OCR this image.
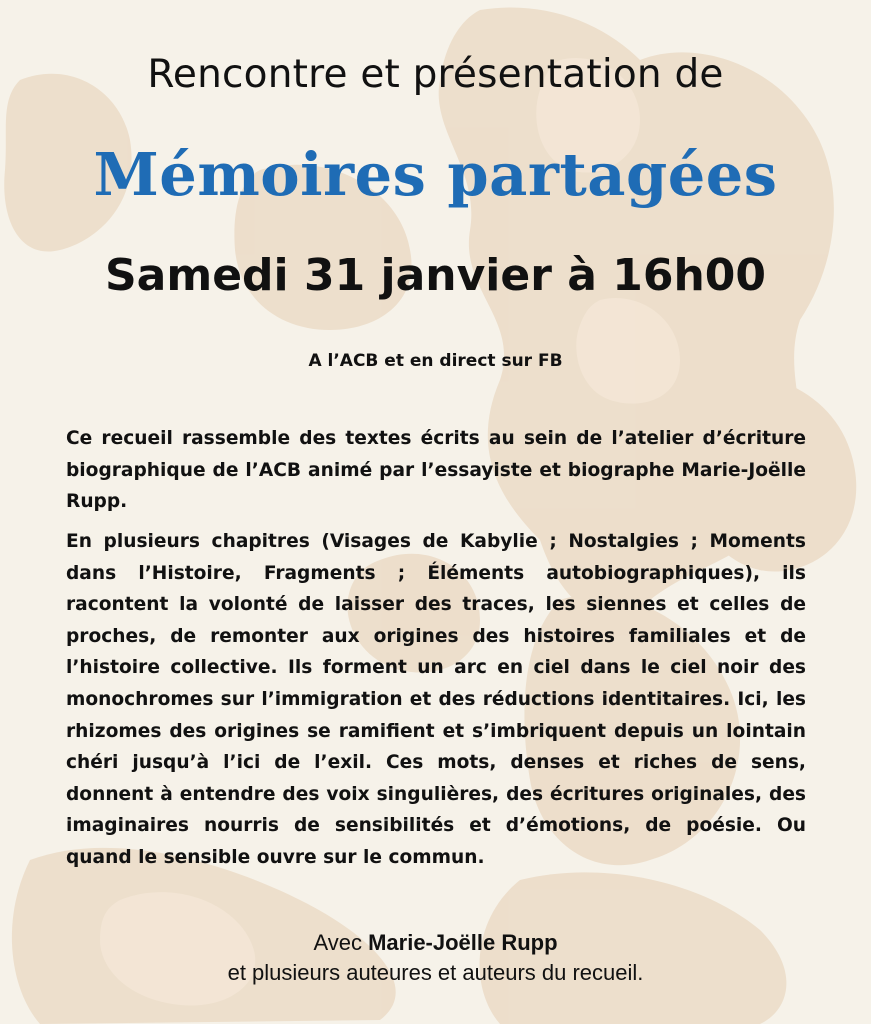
Rencontre et présentation de

Mémoires partagées

Samedi 31 janvier à 16h00

A l’ACB et en direct sur FB

Ce recueil rassemble des textes écrits au sein de l’atelier d’écriture biographique de l’ACB animé par l’essayiste et biographe Marie-Joëlle Rupp.

En plusieurs chapitres (Visages de Kabylie ; Nostalgies ; Moments dans l’Histoire, Fragments ; Éléments autobiographiques), ils racontent la volonté de laisser des traces, les siennes et celles de proches, de remonter aux origines des histoires familiales et de l’histoire collective. Ils forment un arc en ciel dans le ciel noir des monochromes sur l’immigration et des réductions identitaires. Ici, les rhizomes des origines se ramifient et s’imbriquent depuis un lointain chéri jusqu’à l’ici de l’exil. Ces mots, denses et riches de sens, donnent à entendre des voix singulières, des écritures originales, des imaginaires nourris de sensibilités et d’émotions, de poésie. Ou quand le sensible ouvre sur le commun.

Avec Marie-Joëlle Rupp
et plusieurs auteures et auteurs du recueil.
